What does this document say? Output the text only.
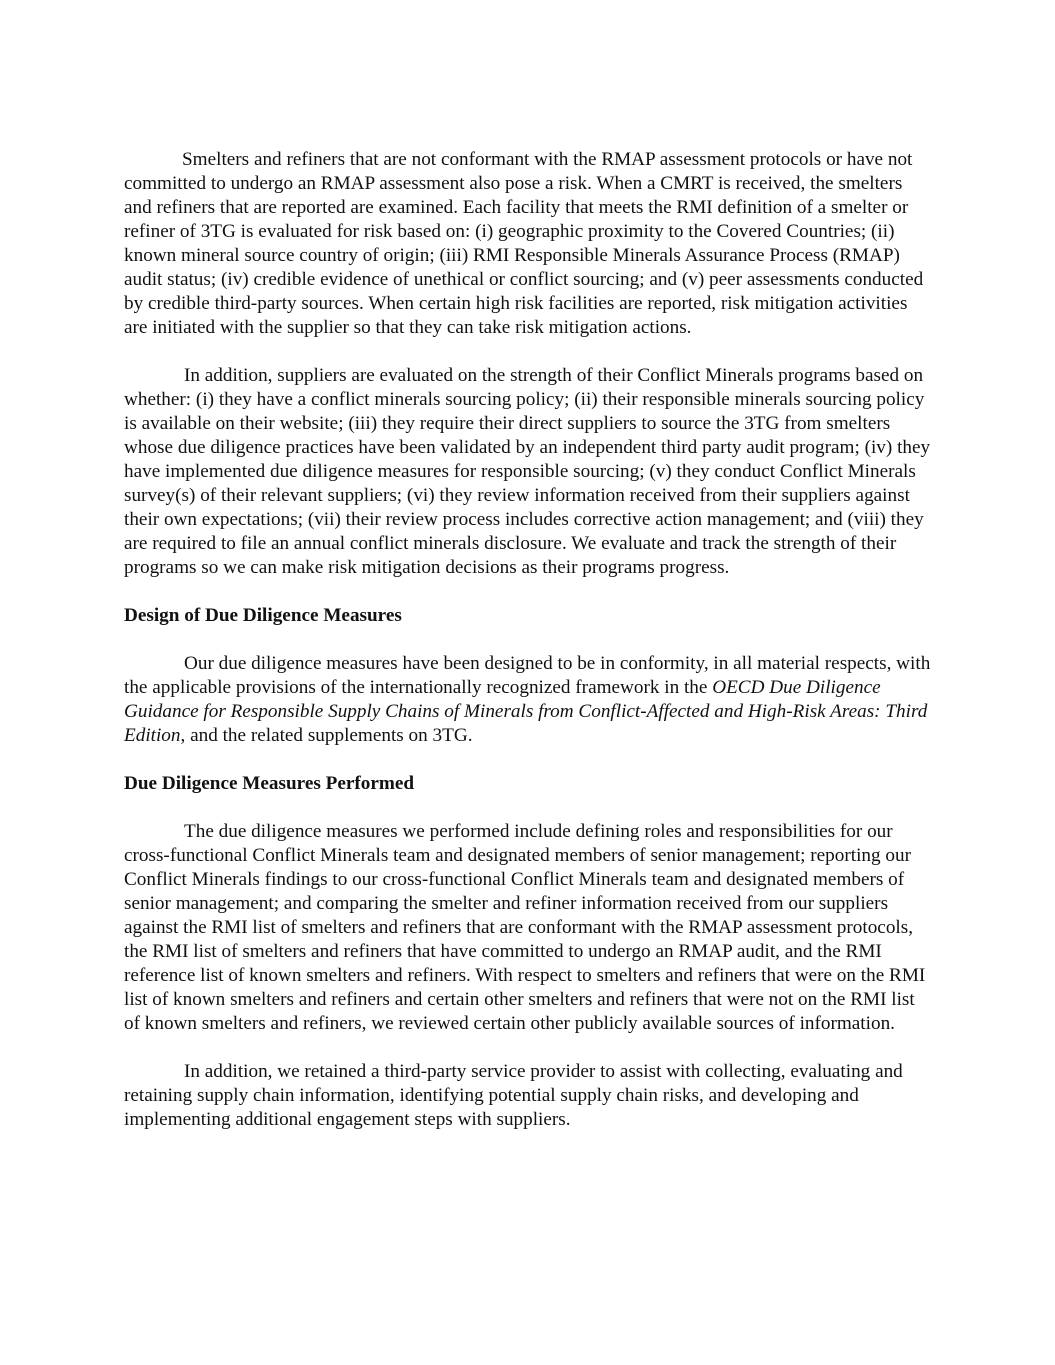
Smelters and refiners that are not conformant with the RMAP assessment protocols or have not committed to undergo an RMAP assessment also pose a risk. When a CMRT is received, the smelters and refiners that are reported are examined. Each facility that meets the RMI definition of a smelter or refiner of 3TG is evaluated for risk based on: (i) geographic proximity to the Covered Countries; (ii) known mineral source country of origin; (iii) RMI Responsible Minerals Assurance Process (RMAP) audit status; (iv) credible evidence of unethical or conflict sourcing; and (v) peer assessments conducted by credible third-party sources. When certain high risk facilities are reported, risk mitigation activities are initiated with the supplier so that they can take risk mitigation actions.

In addition, suppliers are evaluated on the strength of their Conflict Minerals programs based on whether: (i) they have a conflict minerals sourcing policy; (ii) their responsible minerals sourcing policy is available on their website; (iii) they require their direct suppliers to source the 3TG from smelters whose due diligence practices have been validated by an independent third party audit program; (iv) they have implemented due diligence measures for responsible sourcing; (v) they conduct Conflict Minerals survey(s) of their relevant suppliers; (vi) they review information received from their suppliers against their own expectations; (vii) their review process includes corrective action management; and (viii) they are required to file an annual conflict minerals disclosure. We evaluate and track the strength of their programs so we can make risk mitigation decisions as their programs progress.

Design of Due Diligence Measures

Our due diligence measures have been designed to be in conformity, in all material respects, with the applicable provisions of the internationally recognized framework in the OECD Due Diligence Guidance for Responsible Supply Chains of Minerals from Conflict-Affected and High-Risk Areas: Third Edition, and the related supplements on 3TG.

Due Diligence Measures Performed

The due diligence measures we performed include defining roles and responsibilities for our cross-functional Conflict Minerals team and designated members of senior management; reporting our Conflict Minerals findings to our cross-functional Conflict Minerals team and designated members of senior management; and comparing the smelter and refiner information received from our suppliers against the RMI list of smelters and refiners that are conformant with the RMAP assessment protocols, the RMI list of smelters and refiners that have committed to undergo an RMAP audit, and the RMI reference list of known smelters and refiners. With respect to smelters and refiners that were on the RMI list of known smelters and refiners and certain other smelters and refiners that were not on the RMI list of known smelters and refiners, we reviewed certain other publicly available sources of information.

In addition, we retained a third-party service provider to assist with collecting, evaluating and retaining supply chain information, identifying potential supply chain risks, and developing and implementing additional engagement steps with suppliers.
